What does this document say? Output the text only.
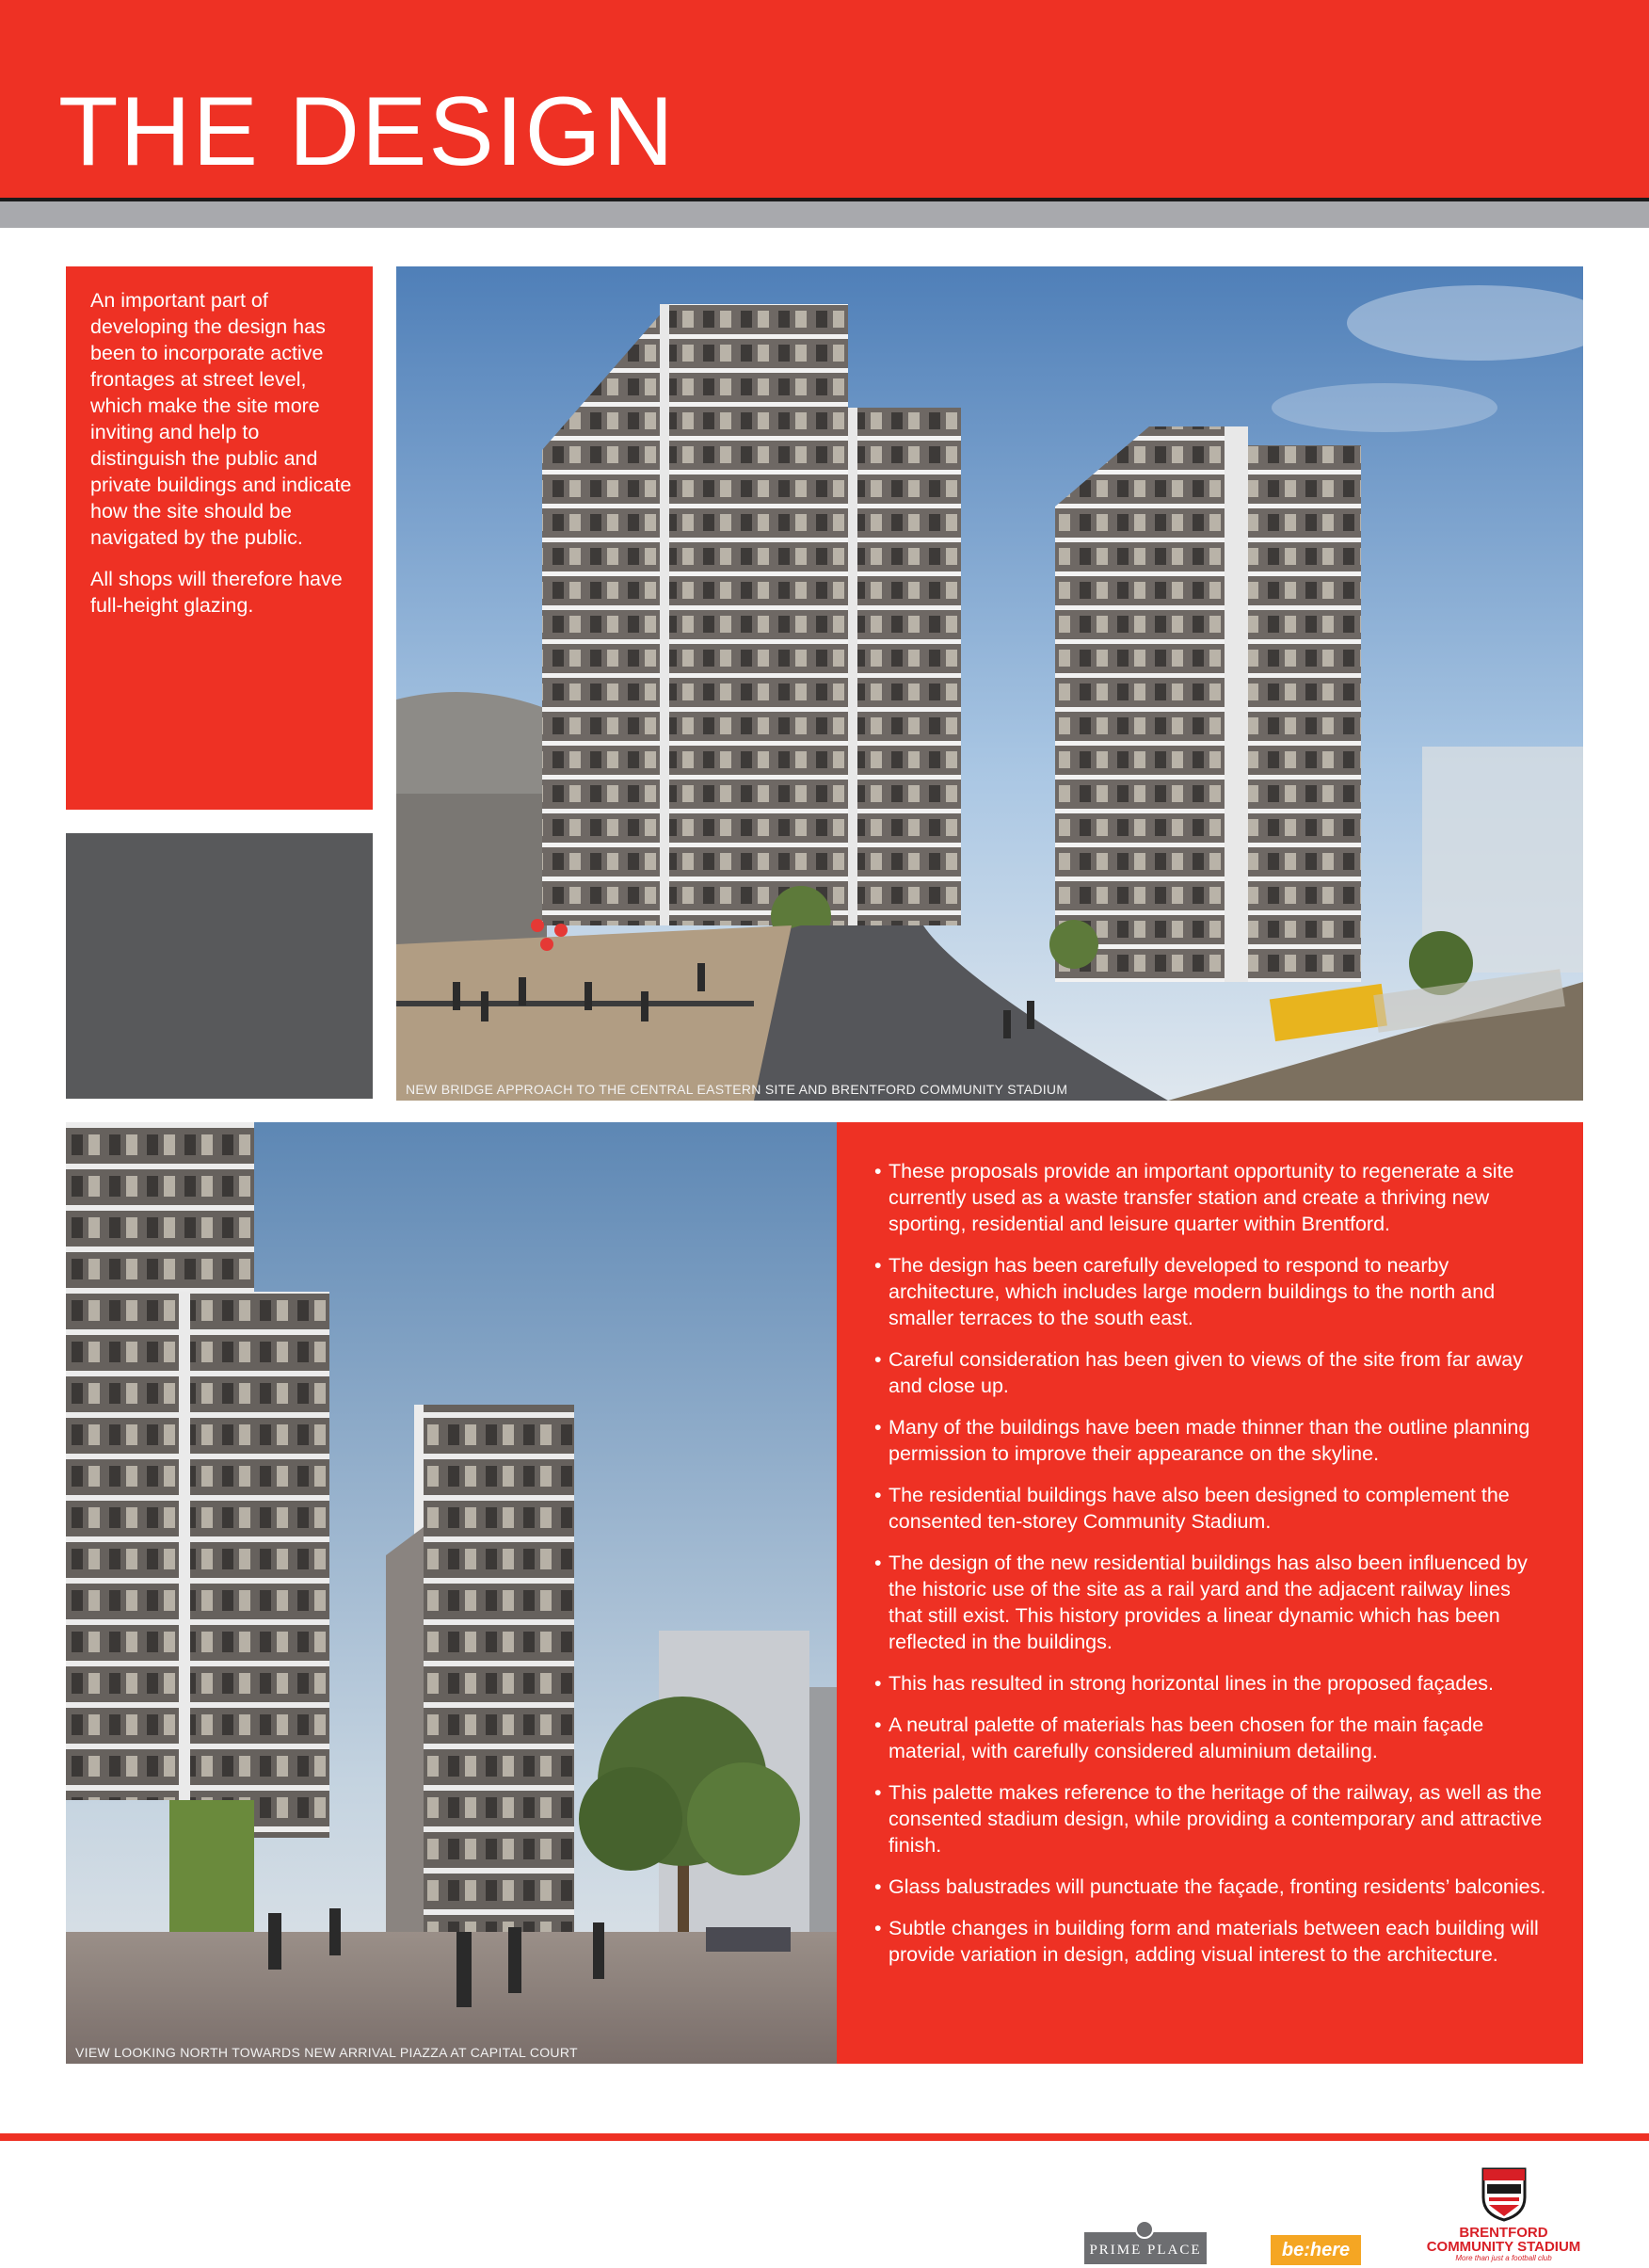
THE DESIGN

An important part of developing the design has been to incorporate active frontages at street level, which make the site more inviting and help to distinguish the public and private buildings and indicate how the site should be navigated by the public.

All shops will therefore have full-height glazing.

NEW BRIDGE APPROACH TO THE CENTRAL EASTERN SITE AND BRENTFORD COMMUNITY STADIUM
VIEW LOOKING NORTH TOWARDS NEW ARRIVAL PIAZZA AT CAPITAL COURT
• These proposals provide an important opportunity to regenerate a site currently used as a waste transfer station and create a thriving new sporting, residential and leisure quarter within Brentford.
• The design has been carefully developed to respond to nearby architecture, which includes large modern buildings to the north and smaller terraces to the south east.
• Careful consideration has been given to views of the site from far away and close up.
• Many of the buildings have been made thinner than the outline planning permission to improve their appearance on the skyline.
• The residential buildings have also been designed to complement the consented ten-storey Community Stadium.
• The design of the new residential buildings has also been influenced by the historic use of the site as a rail yard and the adjacent railway lines that still exist. This history provides a linear dynamic which has been reflected in the buildings.
• This has resulted in strong horizontal lines in the proposed façades.
• A neutral palette of materials has been chosen for the main façade material, with carefully considered aluminium detailing.
• This palette makes reference to the heritage of the railway, as well as the consented stadium design, while providing a contemporary and attractive finish.
• Glass balustrades will punctuate the façade, fronting residents’ balconies.
• Subtle changes in building form and materials between each building will provide variation in design, adding visual interest to the architecture.
PRIME PLACE	be:here
BRENTFORD COMMUNITY STADIUM
More than just a football club
